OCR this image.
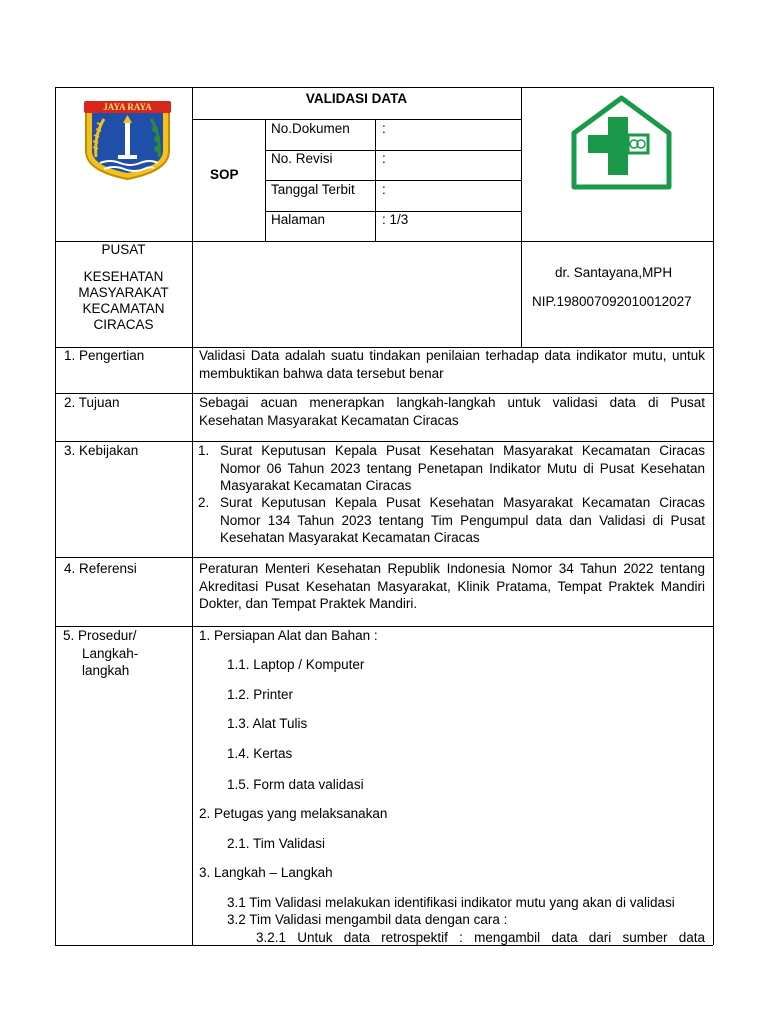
JAYA RAYA
VALIDASI DATA
SOP
No.Dokumen :
No. Revisi	:
Tanggal Terbit :
Halaman	: 1/3
PUSAT
KESEHATAN
MASYARAKAT
KECAMATAN
CIRACAS
dr. Santayana,MPH
NIP.198007092010012027
1. Pengertian	Validasi Data adalah suatu tindakan penilaian terhadap data indikator mutu, untuk membuktikan bahwa data tersebut benar
2. Tujuan	Sebagai acuan menerapkan langkah-langkah untuk validasi data di Pusat Kesehatan Masyarakat Kecamatan Ciracas
3. Kebijakan	1. Surat Keputusan Kepala Pusat Kesehatan Masyarakat Kecamatan Ciracas Nomor 06 Tahun 2023 tentang Penetapan Indikator Mutu di Pusat Kesehatan Masyarakat Kecamatan Ciracas
2. Surat Keputusan Kepala Pusat Kesehatan Masyarakat Kecamatan Ciracas Nomor 134 Tahun 2023 tentang Tim Pengumpul data dan Validasi di Pusat Kesehatan Masyarakat Kecamatan Ciracas
4. Referensi	Peraturan Menteri Kesehatan Republik Indonesia Nomor 34 Tahun 2022 tentang Akreditasi Pusat Kesehatan Masyarakat, Klinik Pratama, Tempat Praktek Mandiri Dokter, dan Tempat Praktek Mandiri.
5. Prosedur/
Langkah-
langkah
1. Persiapan Alat dan Bahan :
1.1. Laptop / Komputer
1.2. Printer
1.3. Alat Tulis
1.4. Kertas
1.5. Form data validasi
2. Petugas yang melaksanakan
2.1. Tim Validasi
3. Langkah – Langkah
3.1 Tim Validasi melakukan identifikasi indikator mutu yang akan di validasi
3.2 Tim Validasi mengambil data dengan cara :
3.2.1 Untuk data retrospektif : mengambil data dari sumber data
